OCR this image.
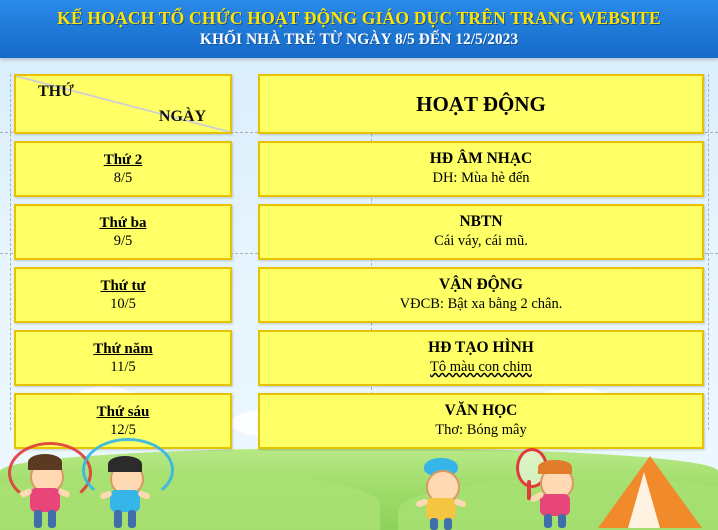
KẾ HOẠCH TỔ CHỨC HOẠT ĐỘNG GIÁO DỤC TRÊN TRANG WEBSITE
KHỐI NHÀ TRẺ TỪ NGÀY 8/5 ĐẾN 12/5/2023
THỨ
NGÀY
HOẠT ĐỘNG
Thứ 2
8/5
HĐ ÂM NHẠC
DH: Mùa hè đến
Thứ ba
9/5
NBTN
Cái váy, cái mũ.
Thứ tư
10/5
VẬN ĐỘNG
VĐCB: Bật xa bằng 2 chân.
Thứ năm
11/5
HĐ TẠO HÌNH
Tô màu con chim
Thứ sáu
12/5
VĂN HỌC
Thơ: Bóng mây
